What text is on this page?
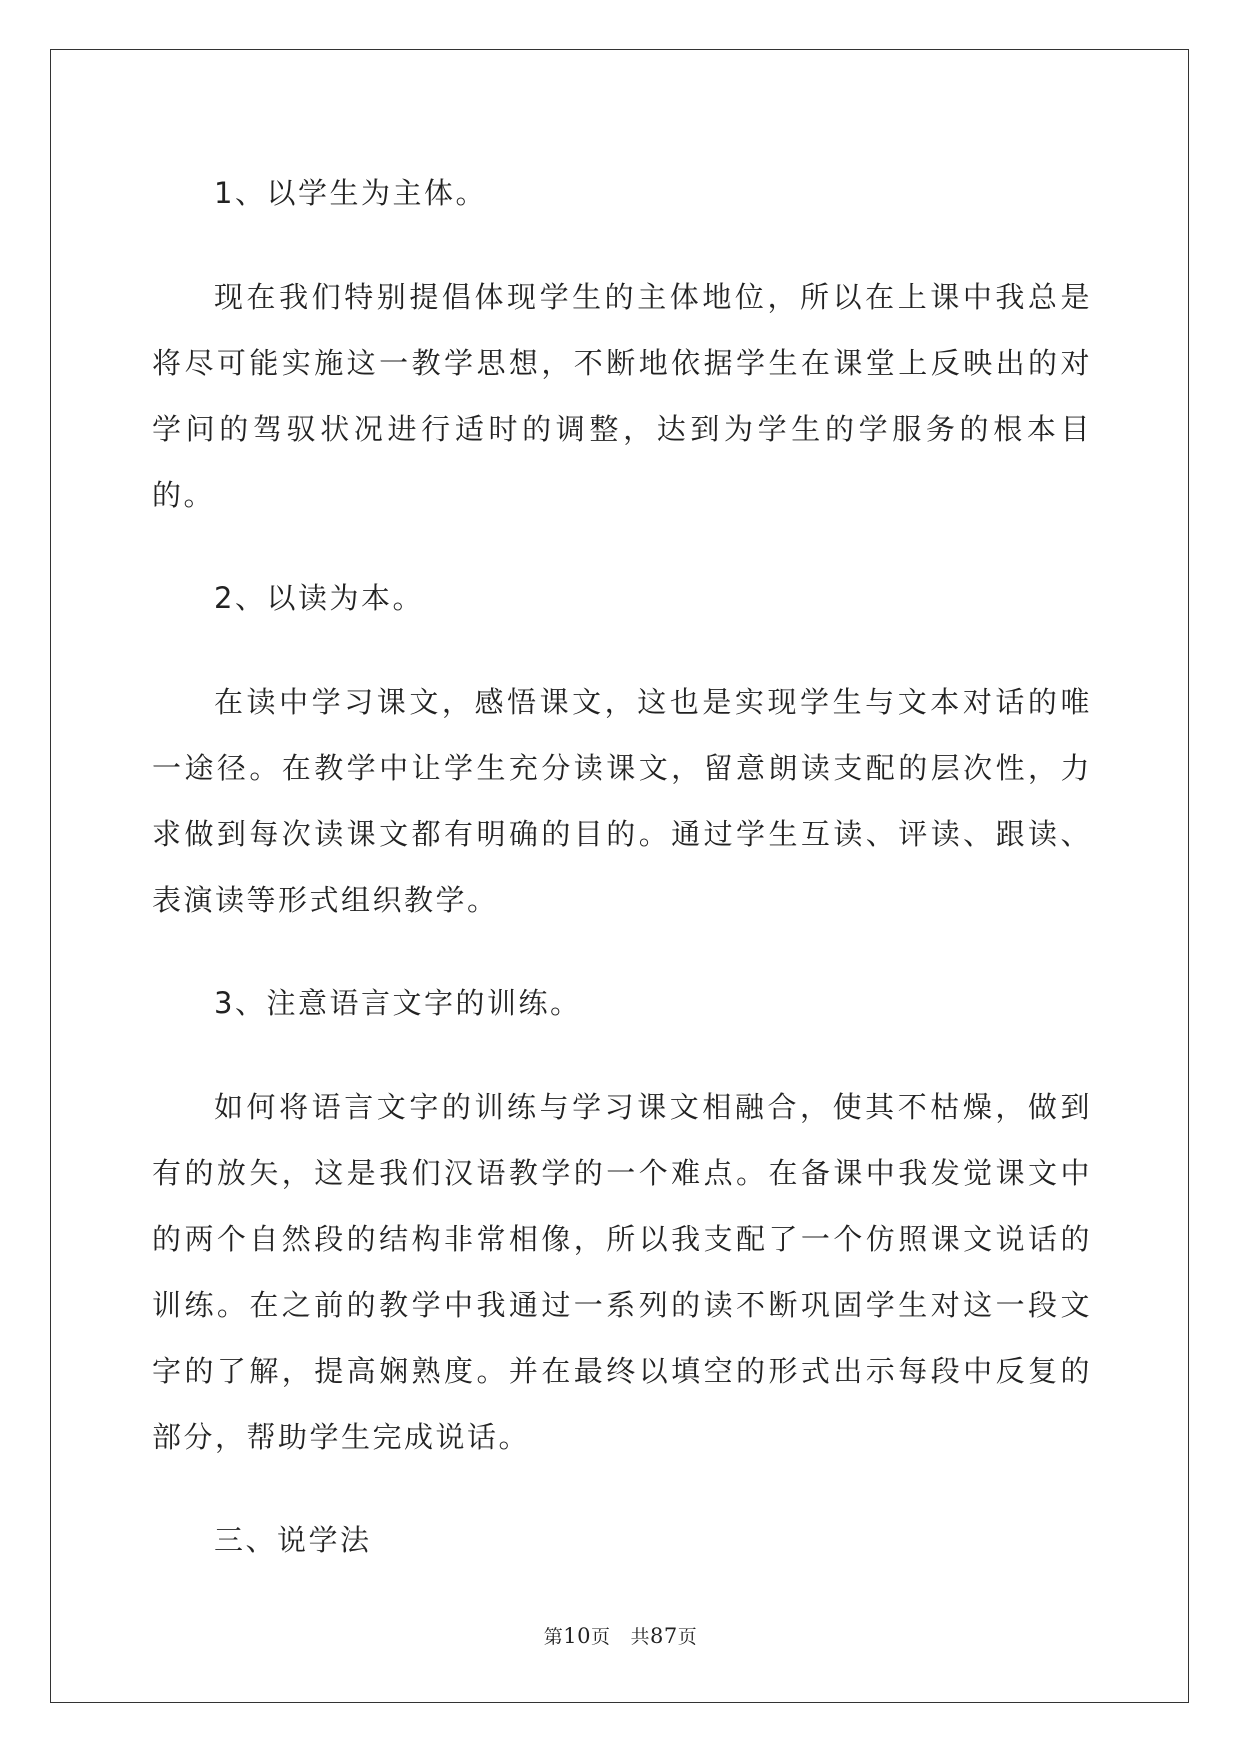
1、以学生为主体。

现在我们特别提倡体现学生的主体地位，所以在上课中我总是将尽可能实施这一教学思想，不断地依据学生在课堂上反映出的对学问的驾驭状况进行适时的调整，达到为学生的学服务的根本目的。

2、以读为本。

在读中学习课文，感悟课文，这也是实现学生与文本对话的唯一途径。在教学中让学生充分读课文，留意朗读支配的层次性，力求做到每次读课文都有明确的目的。通过学生互读、评读、跟读、表演读等形式组织教学。

3、注意语言文字的训练。

如何将语言文字的训练与学习课文相融合，使其不枯燥，做到有的放矢，这是我们汉语教学的一个难点。在备课中我发觉课文中的两个自然段的结构非常相像，所以我支配了一个仿照课文说话的训练。在之前的教学中我通过一系列的读不断巩固学生对这一段文字的了解，提高娴熟度。并在最终以填空的形式出示每段中反复的部分，帮助学生完成说话。

三、说学法

第10页 共87页
